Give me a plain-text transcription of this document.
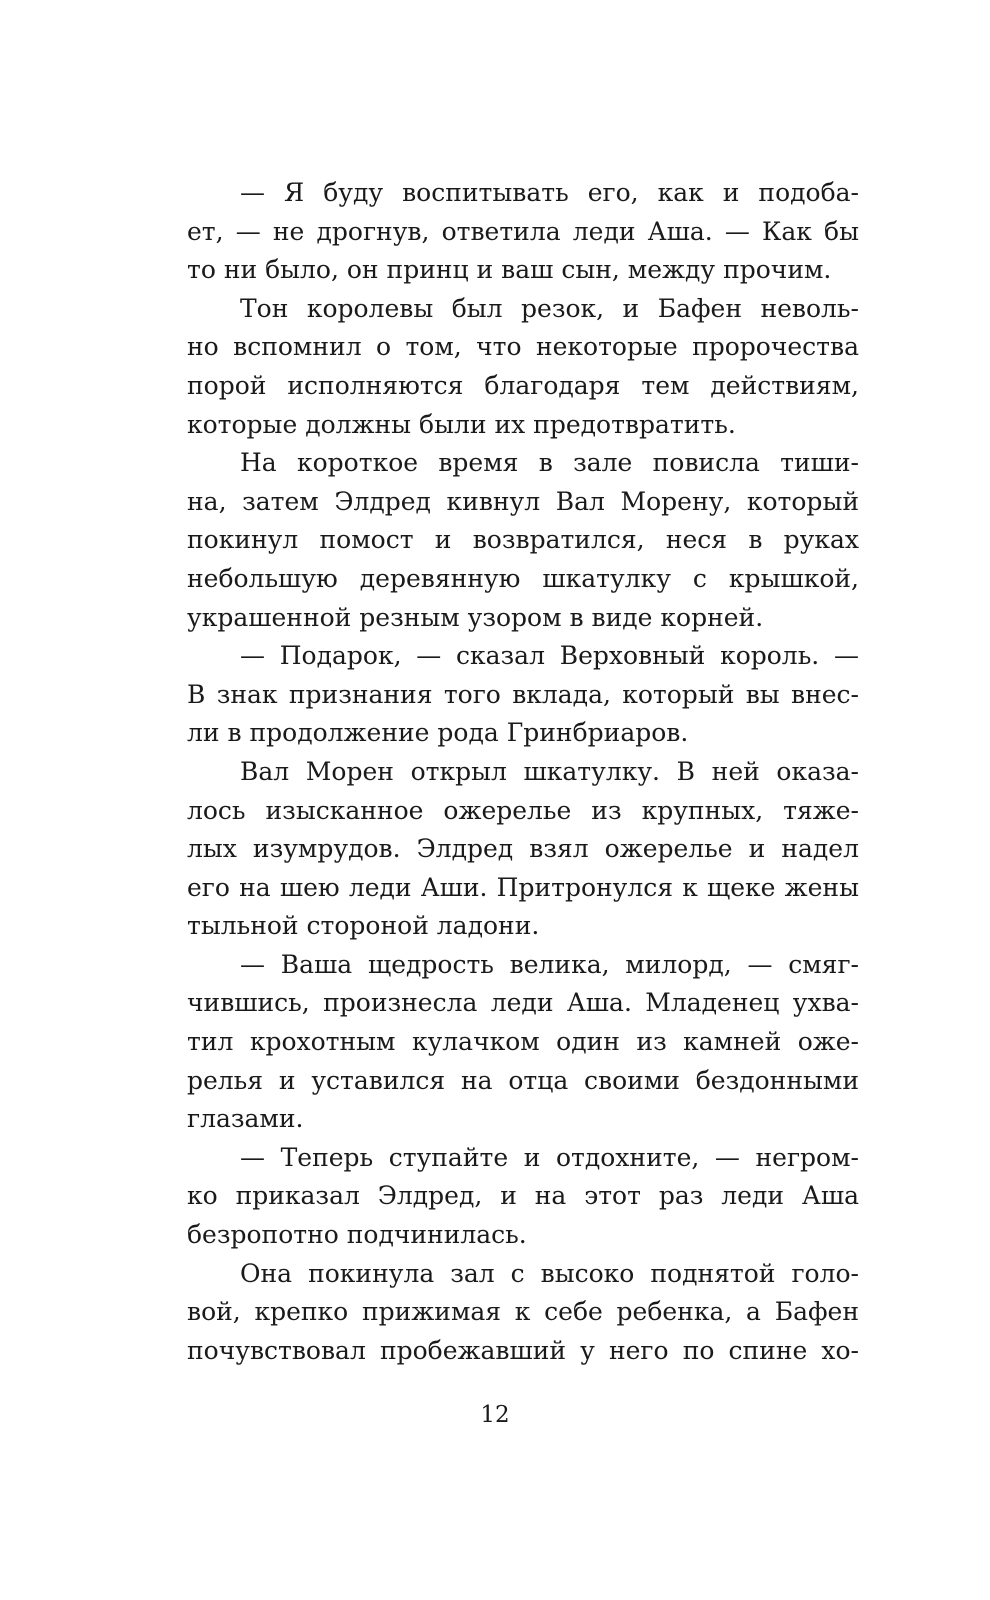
— Я буду воспитывать его, как и подоба-
ет, — не дрогнув, ответила леди Аша. — Как бы
то ни было, он принц и ваш сын, между прочим.
Тон королевы был резок, и Бафен неволь-
но вспомнил о том, что некоторые пророчества
порой исполняются благодаря тем действиям,
которые должны были их предотвратить.
На короткое время в зале повисла тиши-
на, затем Элдред кивнул Вал Морену, который
покинул помост и возвратился, неся в руках
небольшую деревянную шкатулку с крышкой,
украшенной резным узором в виде корней.
— Подарок, — сказал Верховный король. —
В знак признания того вклада, который вы внес-
ли в продолжение рода Гринбриаров.
Вал Морен открыл шкатулку. В ней оказа-
лось изысканное ожерелье из крупных, тяже-
лых изумрудов. Элдред взял ожерелье и надел
его на шею леди Аши. Притронулся к щеке жены
тыльной стороной ладони.
— Ваша щедрость велика, милорд, — смяг-
чившись, произнесла леди Аша. Младенец ухва-
тил крохотным кулачком один из камней оже-
релья и уставился на отца своими бездонными
глазами.
— Теперь ступайте и отдохните, — негром-
ко приказал Элдред, и на этот раз леди Аша
безропотно подчинилась.
Она покинула зал с высоко поднятой голо-
вой, крепко прижимая к себе ребенка, а Бафен
почувствовал пробежавший у него по спине хо-
12
